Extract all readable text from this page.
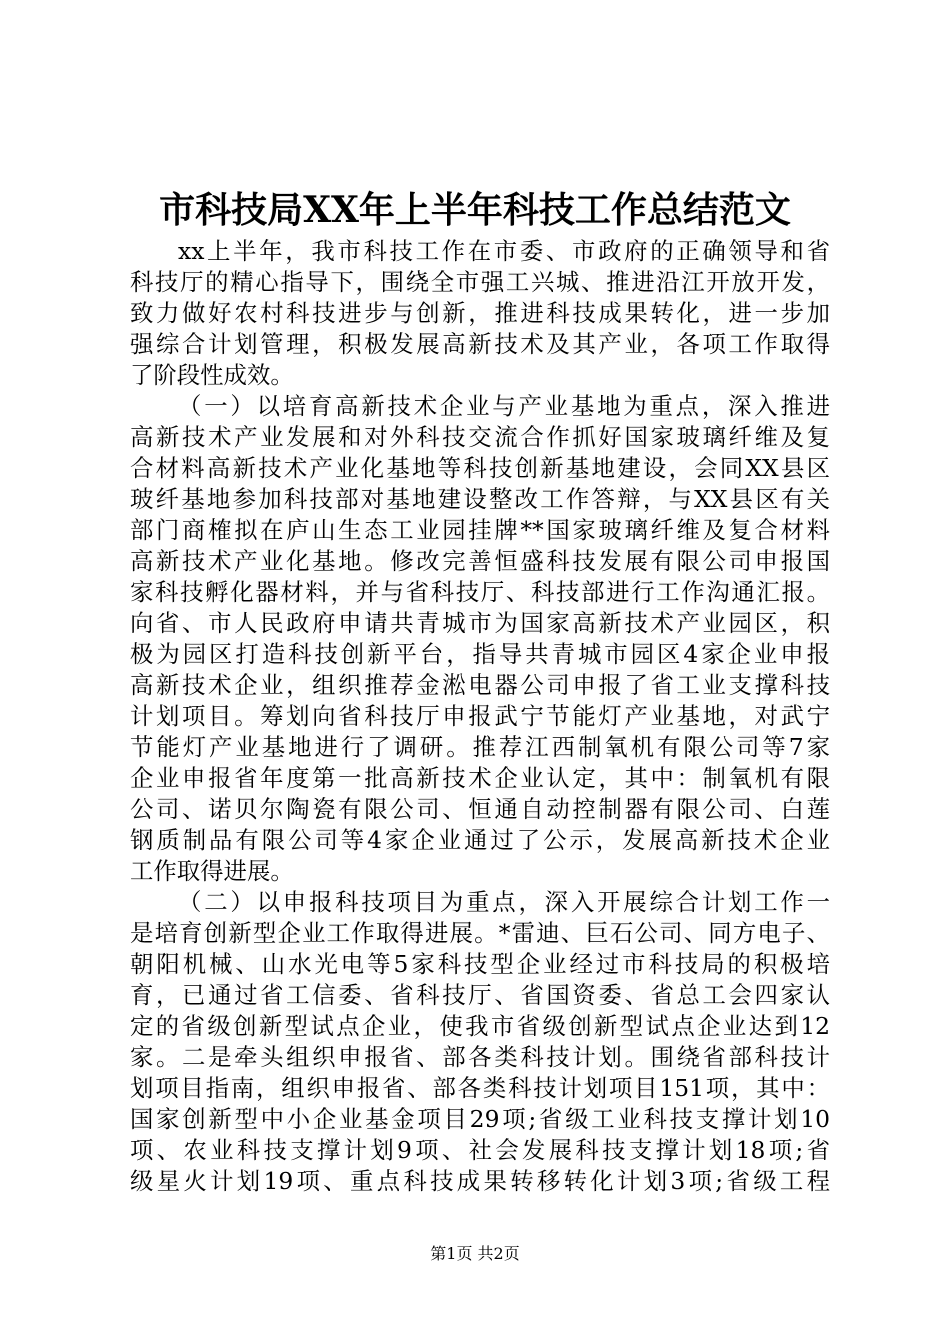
市科技局XX年上半年科技工作总结范文
xx上半年，我市科技工作在市委、市政府的正确领导和省
科技厅的精心指导下，围绕全市强工兴城、推进沿江开放开发，
致力做好农村科技进步与创新，推进科技成果转化，进一步加
强综合计划管理，积极发展高新技术及其产业，各项工作取得
了阶段性成效。
（一）以培育高新技术企业与产业基地为重点，深入推进
高新技术产业发展和对外科技交流合作抓好国家玻璃纤维及复
合材料高新技术产业化基地等科技创新基地建设，会同XX县区
玻纤基地参加科技部对基地建设整改工作答辩，与XX县区有关
部门商榷拟在庐山生态工业园挂牌**国家玻璃纤维及复合材料
高新技术产业化基地。修改完善恒盛科技发展有限公司申报国
家科技孵化器材料，并与省科技厅、科技部进行工作沟通汇报。
向省、市人民政府申请共青城市为国家高新技术产业园区，积
极为园区打造科技创新平台，指导共青城市园区4家企业申报
高新技术企业，组织推荐金淞电器公司申报了省工业支撑科技
计划项目。筹划向省科技厅申报武宁节能灯产业基地，对武宁
节能灯产业基地进行了调研。推荐江西制氧机有限公司等7家
企业申报省年度第一批高新技术企业认定，其中：制氧机有限
公司、诺贝尔陶瓷有限公司、恒通自动控制器有限公司、白莲
钢质制品有限公司等4家企业通过了公示，发展高新技术企业
工作取得进展。
（二）以申报科技项目为重点，深入开展综合计划工作一
是培育创新型企业工作取得进展。*雷迪、巨石公司、同方电子、
朝阳机械、山水光电等5家科技型企业经过市科技局的积极培
育，已通过省工信委、省科技厅、省国资委、省总工会四家认
定的省级创新型试点企业，使我市省级创新型试点企业达到12
家。二是牵头组织申报省、部各类科技计划。围绕省部科技计
划项目指南，组织申报省、部各类科技计划项目151项，其中：
国家创新型中小企业基金项目29项;省级工业科技支撑计划10
项、农业科技支撑计划9项、社会发展科技支撑计划18项;省
级星火计划19项、重点科技成果转移转化计划3项;省级工程
第1页 共2页
